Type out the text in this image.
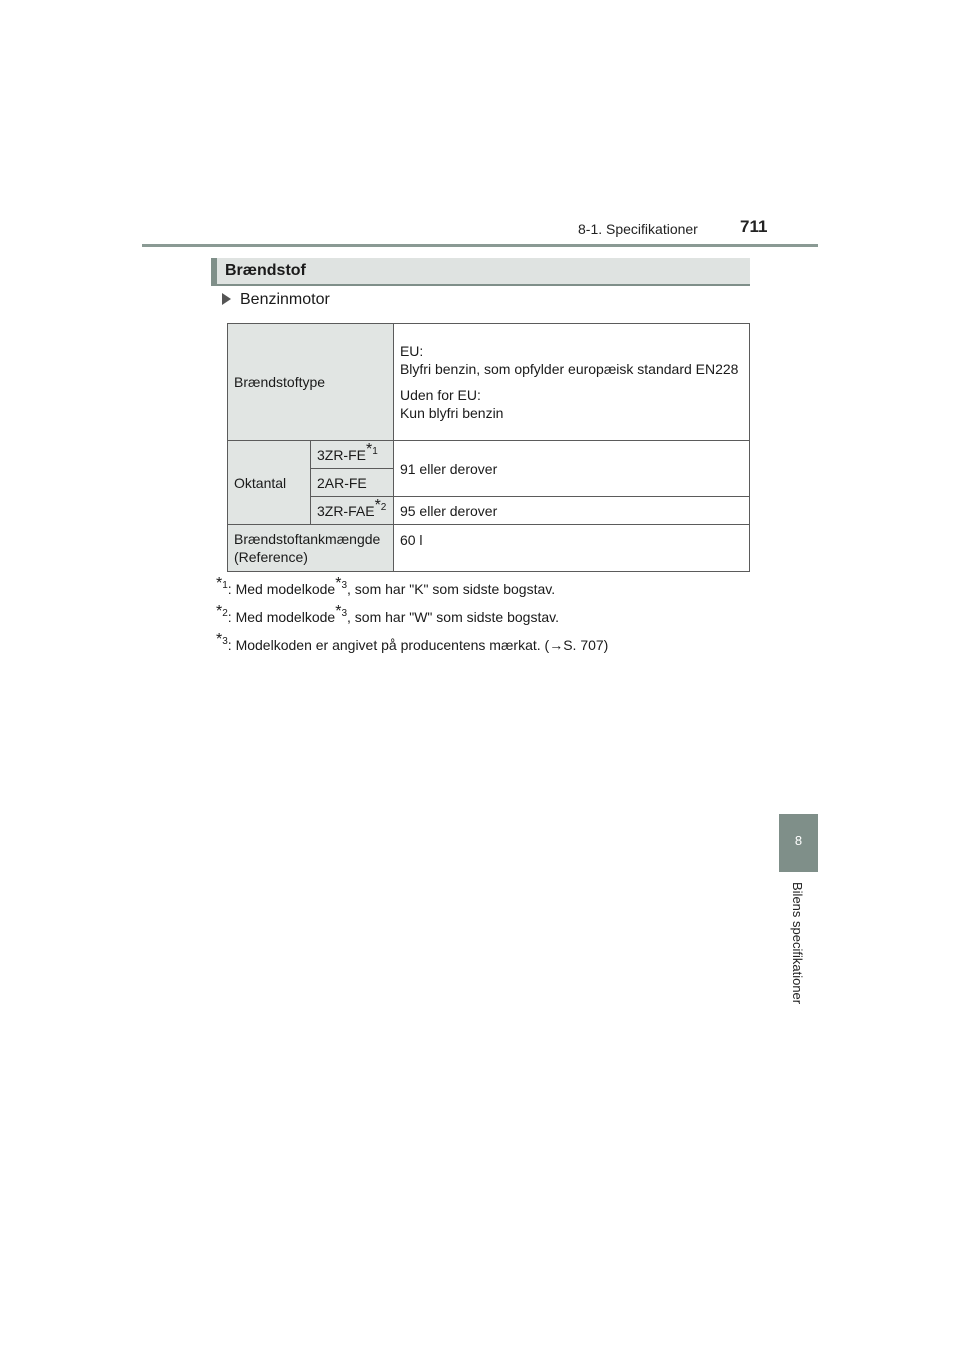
8-1. Specifikationer 711
Brændstof
Benzinmotor
Brændstoftype		EU:

Blyfri benzin, som opfylder europæisk standard EN228

Uden for EU:

Kun blyfri benzin

Oktantal	3ZR-FE$^{*1}$	91 eller derover
	2AR-FE	
	3ZR-FAE$^{*2}$	95 eller derover

Brændstoftankmængde

(Reference)		60 l
$^{*1}$: Med modelkode$^{*3}$, som har "K" som sidste bogstav.
$^{*2}$: Med modelkode$^{*3}$, som har "W" som sidste bogstav.
$^{*3}$: Modelkoden er angivet på producentens mærkat. (→S. 707)
8
Bilens specifikationer
